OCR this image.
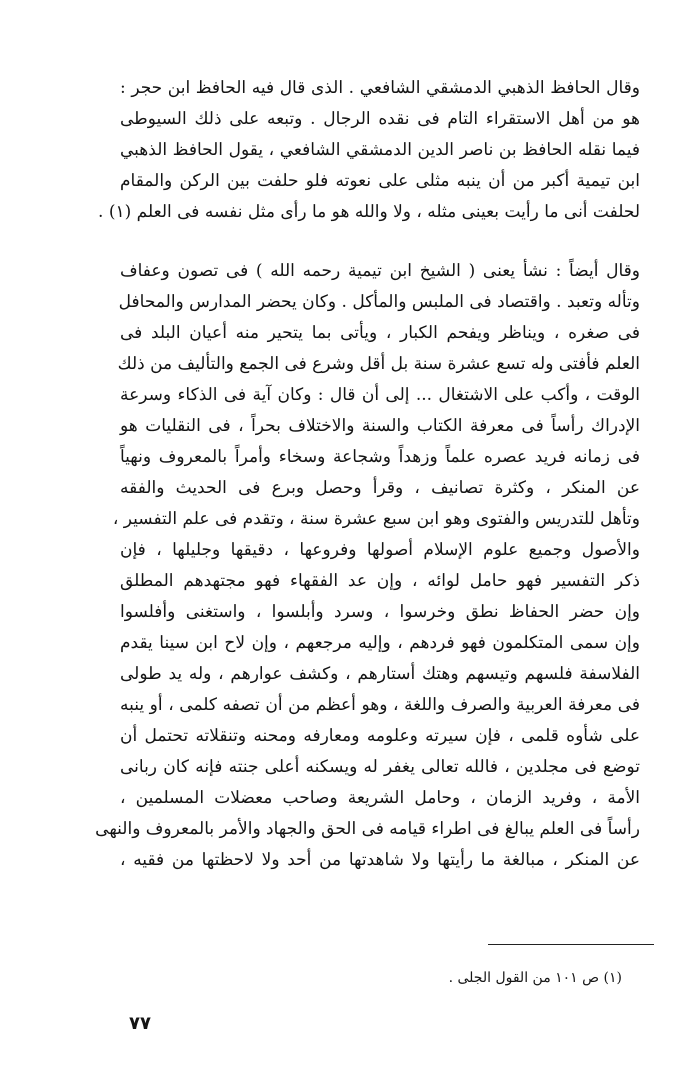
وقال الحافظ الذهبي الدمشقي الشافعي . الذى قال فيه الحافظ ابن حجر :
هو من أهل الاستقراء التام فى نقده الرجال . وتبعه على ذلك السيوطى
فيما نقله الحافظ بن ناصر الدين الدمشقي الشافعي ، يقول الحافظ الذهبي
ابن تيمية أكبر من أن ينبه مثلى على نعوته فلو حلفت بين الركن والمقام
لحلفت أنى ما رأيت بعينى مثله ، ولا والله هو ما رأى مثل نفسه فى العلم (١) .
وقال أيضاً : نشأ يعنى ( الشيخ ابن تيمية رحمه الله ) فى تصون وعفاف
وتأله وتعبد . واقتصاد فى الملبس والمأكل . وكان يحضر المدارس والمحافل
فى صغره ، ويناظر ويفحم الكبار ، ويأتى بما يتحير منه أعيان البلد فى
العلم فأفتى وله تسع عشرة سنة بل أقل وشرع فى الجمع والتأليف من ذلك
الوقت ، وأكب على الاشتغال ... إلى أن قال : وكان آية فى الذكاء وسرعة
الإدراك رأساً فى معرفة الكتاب والسنة والاختلاف بحراً ، فى النقليات هو
فى زمانه فريد عصره علماً وزهداً وشجاعة وسخاء وأمراً بالمعروف ونهياً
عن المنكر ، وكثرة تصانيف ، وقرأ وحصل وبرع فى الحديث والفقه
وتأهل للتدريس والفتوى وهو ابن سبع عشرة سنة ، وتقدم فى علم التفسير ،
والأصول وجميع علوم الإسلام أصولها وفروعها ، دقيقها وجليلها ، فإن
ذكر التفسير فهو حامل لوائه ، وإن عد الفقهاء فهو مجتهدهم المطلق
وإن حضر الحفاظ نطق وخرسوا ، وسرد وأبلسوا ، واستغنى وأفلسوا
وإن سمى المتكلمون فهو فردهم ، وإليه مرجعهم ، وإن لاح ابن سينا يقدم
الفلاسفة فلسهم وتيسهم وهتك أستارهم ، وكشف عوارهم ، وله يد طولى
فى معرفة العربية والصرف واللغة ، وهو أعظم من أن تصفه كلمى ، أو ينبه
على شأوه قلمى ، فإن سيرته وعلومه ومعارفه ومحنه وتنقلاته تحتمل أن
توضع فى مجلدين ، فالله تعالى يغفر له ويسكنه أعلى جنته فإنه كان ربانى
الأمة ، وفريد الزمان ، وحامل الشريعة وصاحب معضلات المسلمين ،
رأساً فى العلم يبالغ فى اطراء قيامه فى الحق والجهاد والأمر بالمعروف والنهى
عن المنكر ، مبالغة ما رأيتها ولا شاهدتها من أحد ولا لاحظتها من فقيه ،
(١) ص ١٠١ من القول الجلى .
٧٧
